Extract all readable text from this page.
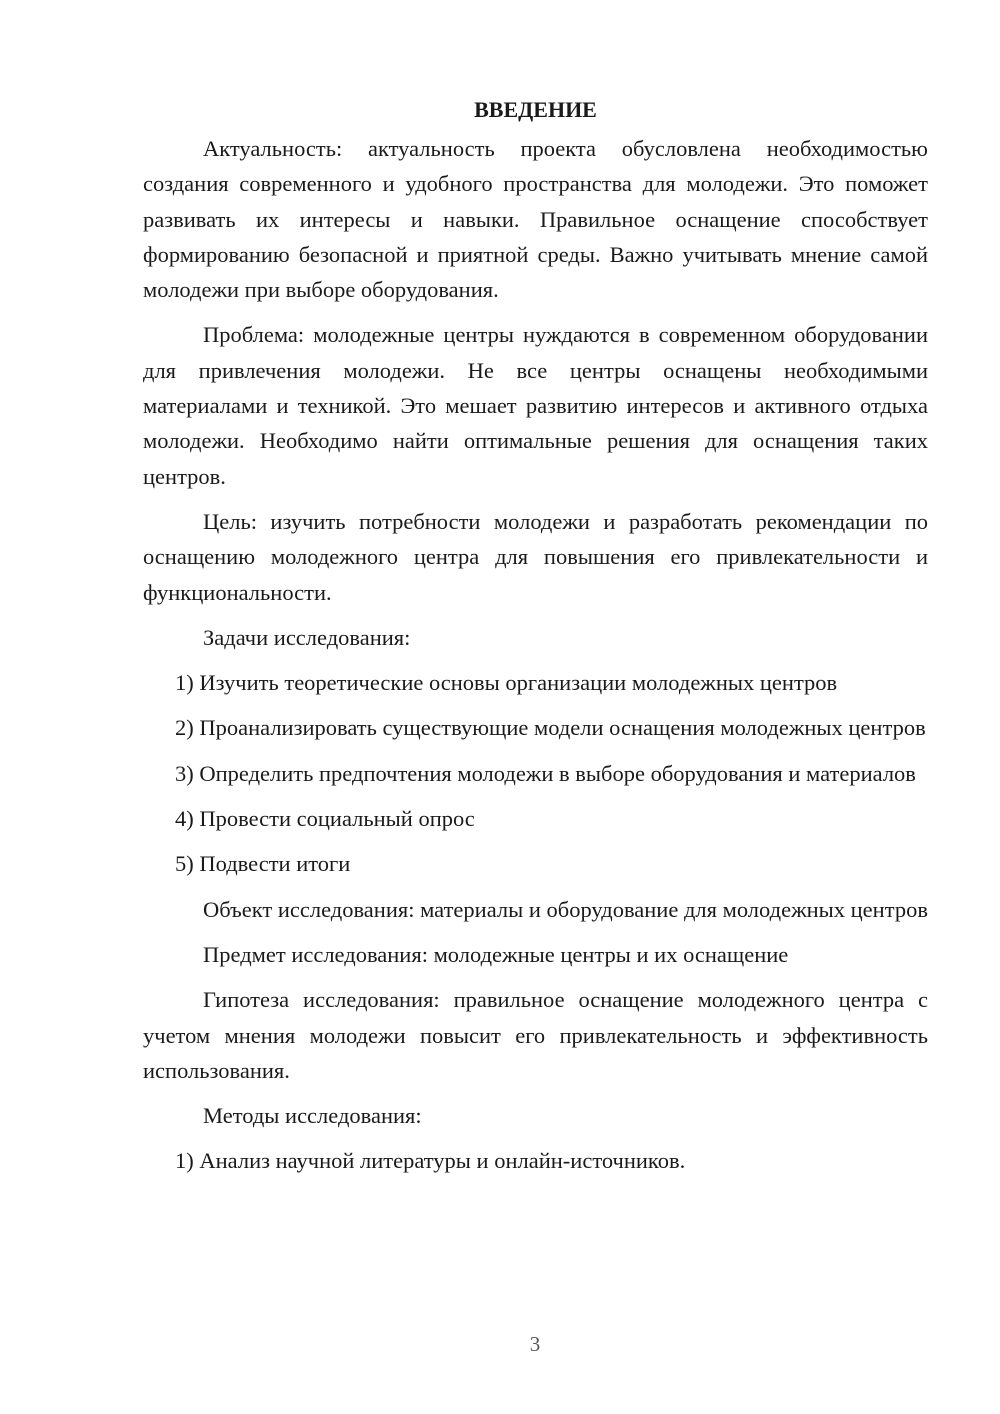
ВВЕДЕНИЕ

Актуальность: актуальность проекта обусловлена необходимостью создания современного и удобного пространства для молодежи. Это поможет развивать их интересы и навыки. Правильное оснащение способствует формированию безопасной и приятной среды. Важно учитывать мнение самой молодежи при выборе оборудования.

Проблема: молодежные центры нуждаются в современном оборудовании для привлечения молодежи. Не все центры оснащены необходимыми материалами и техникой. Это мешает развитию интересов и активного отдыха молодежи. Необходимо найти оптимальные решения для оснащения таких центров.

Цель: изучить потребности молодежи и разработать рекомендации по оснащению молодежного центра для повышения его привлекательности и функциональности.

Задачи исследования:

1) Изучить теоретические основы организации молодежных центров

2) Проанализировать существующие модели оснащения молодежных центров

3) Определить предпочтения молодежи в выборе оборудования и материалов

4) Провести социальный опрос

5) Подвести итоги

Объект исследования: материалы и оборудование для молодежных центров

Предмет исследования: молодежные центры и их оснащение

Гипотеза исследования: правильное оснащение молодежного центра с учетом мнения молодежи повысит его привлекательность и эффективность использования.

Методы исследования:

1) Анализ научной литературы и онлайн-источников.

3
